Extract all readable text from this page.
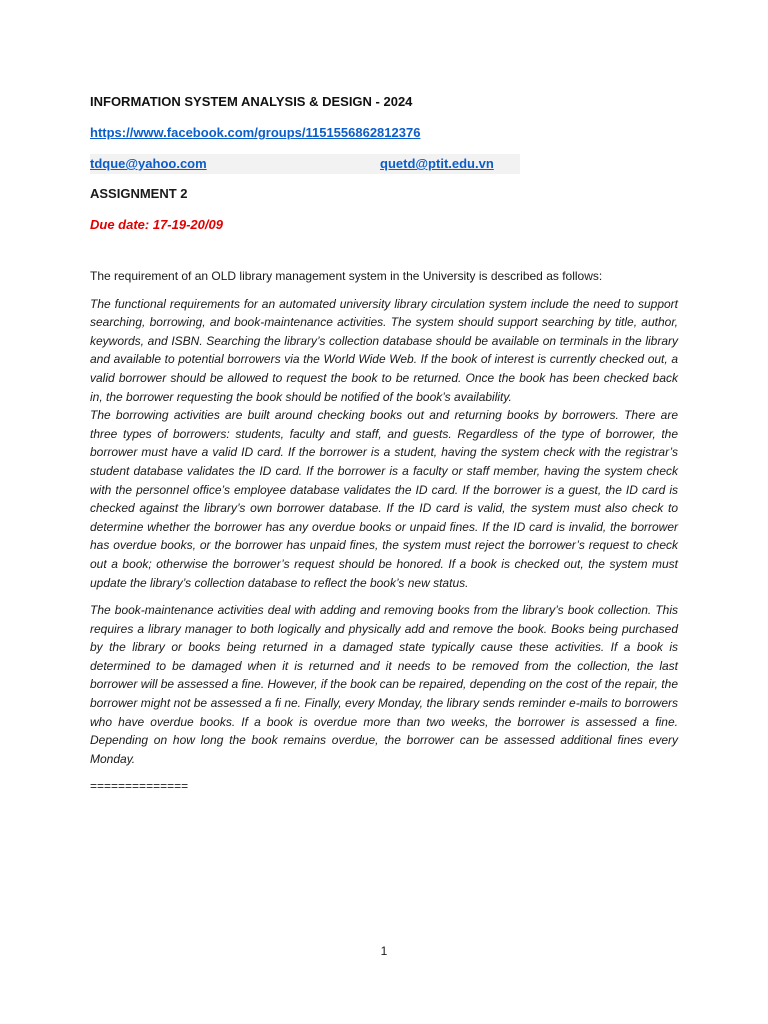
INFORMATION SYSTEM ANALYSIS & DESIGN - 2024
https://www.facebook.com/groups/1151556862812376
tdque@yahoo.com	quetd@ptit.edu.vn
ASSIGNMENT 2
Due date: 17-19-20/09

The requirement of an OLD library management system in the University is described as follows:

The functional requirements for an automated university library circulation system include the need to support searching, borrowing, and book-maintenance activities. The system should support searching by title, author, keywords, and ISBN. Searching the library’s collection database should be available on terminals in the library and available to potential borrowers via the World Wide Web. If the book of interest is currently checked out, a valid borrower should be allowed to request the book to be returned. Once the book has been checked back in, the borrower requesting the book should be notified of the book’s availability.
The borrowing activities are built around checking books out and returning books by borrowers. There are three types of borrowers: students, faculty and staff, and guests. Regardless of the type of borrower, the borrower must have a valid ID card. If the borrower is a student, having the system check with the registrar’s student database validates the ID card. If the borrower is a faculty or staff member, having the system check with the personnel office’s employee database validates the ID card. If the borrower is a guest, the ID card is checked against the library’s own borrower database. If the ID card is valid, the system must also check to determine whether the borrower has any overdue books or unpaid fines. If the ID card is invalid, the borrower has overdue books, or the borrower has unpaid fines, the system must reject the borrower’s request to check out a book; otherwise the borrower’s request should be honored. If a book is checked out, the system must update the library’s collection database to reflect the book’s new status.

The book-maintenance activities deal with adding and removing books from the library’s book collection. This requires a library manager to both logically and physically add and remove the book. Books being purchased by the library or books being returned in a damaged state typically cause these activities. If a book is determined to be damaged when it is returned and it needs to be removed from the collection, the last borrower will be assessed a fine. However, if the book can be repaired, depending on the cost of the repair, the borrower might not be assessed a fi ne. Finally, every Monday, the library sends reminder e-mails to borrowers who have overdue books. If a book is overdue more than two weeks, the borrower is assessed a fine. Depending on how long the book remains overdue, the borrower can be assessed additional fines every Monday.

==============

1
